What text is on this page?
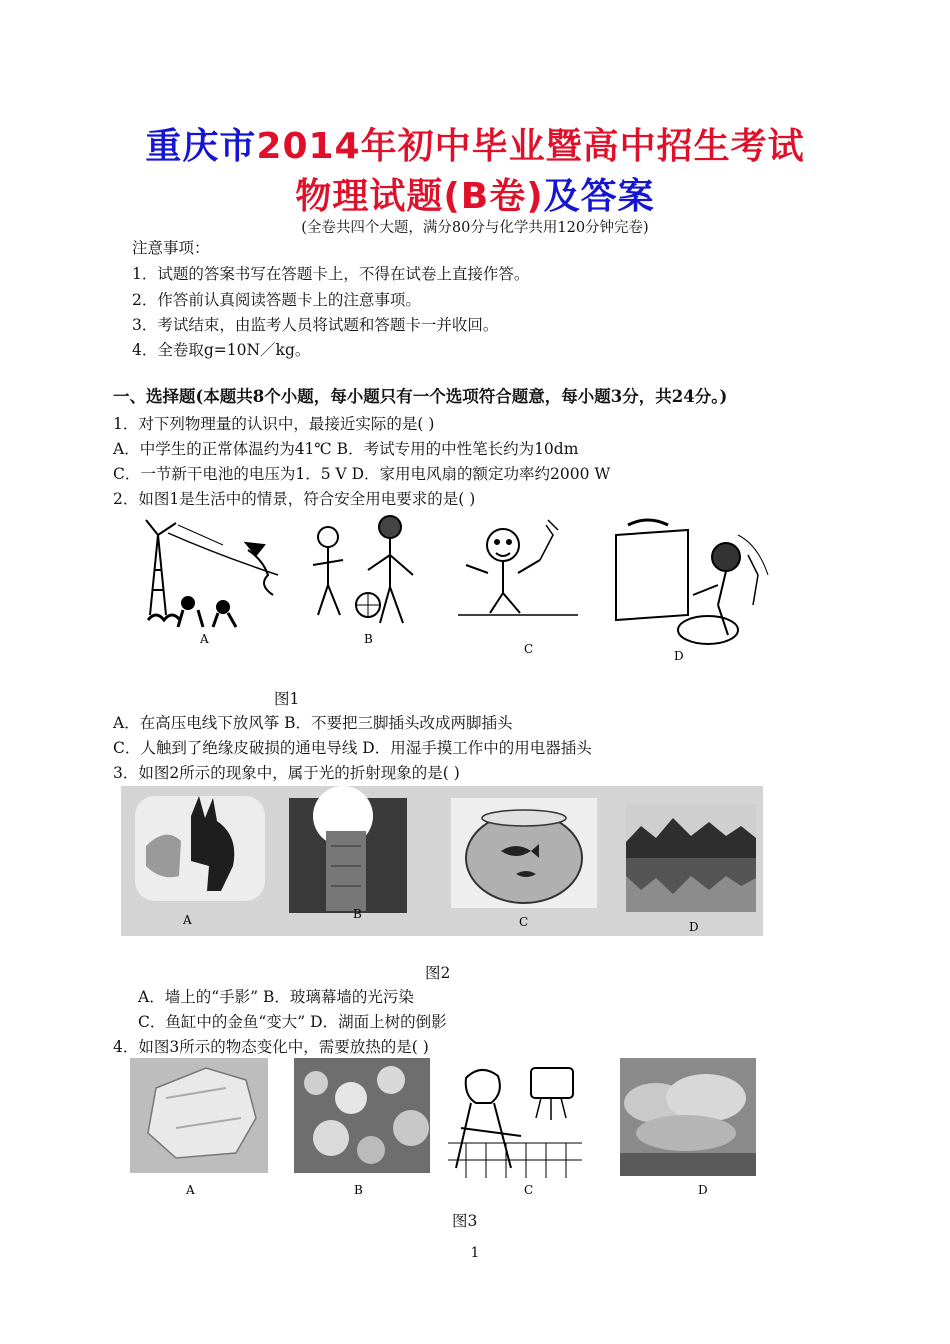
重庆市2014年初中毕业暨高中招生考试
物理试题(B卷)及答案
(全卷共四个大题，满分80分与化学共用120分钟完卷)
注意事项：
1．试题的答案书写在答题卡上，不得在试卷上直接作答。
2．作答前认真阅读答题卡上的注意事项。
3．考试结束，由监考人员将试题和答题卡一并收回。
4．全卷取g=10N／kg。
一、选择题(本题共8个小题，每小题只有一个选项符合题意，每小题3分，共24分。)
1．对下列物理量的认识中，最接近实际的是( )
A．中学生的正常体温约为41℃ B．考试专用的中性笔长约为10dm
C．一节新干电池的电压为1．5 V D．家用电风扇的额定功率约2000 W
2．如图1是生活中的情景，符合安全用电要求的是( )
A	B
C	D
图1
A．在高压电线下放风筝 B．不要把三脚插头改成两脚插头
C．人触到了绝缘皮破损的通电导线 D．用湿手摸工作中的用电器插头
3．如图2所示的现象中，属于光的折射现象的是( )
A	B
C	D
图2
A．墙上的“手影” B．玻璃幕墙的光污染
C．鱼缸中的金鱼“变大” D．湖面上树的倒影
4．如图3所示的物态变化中，需要放热的是( )
A	B	C	D
图3
1
